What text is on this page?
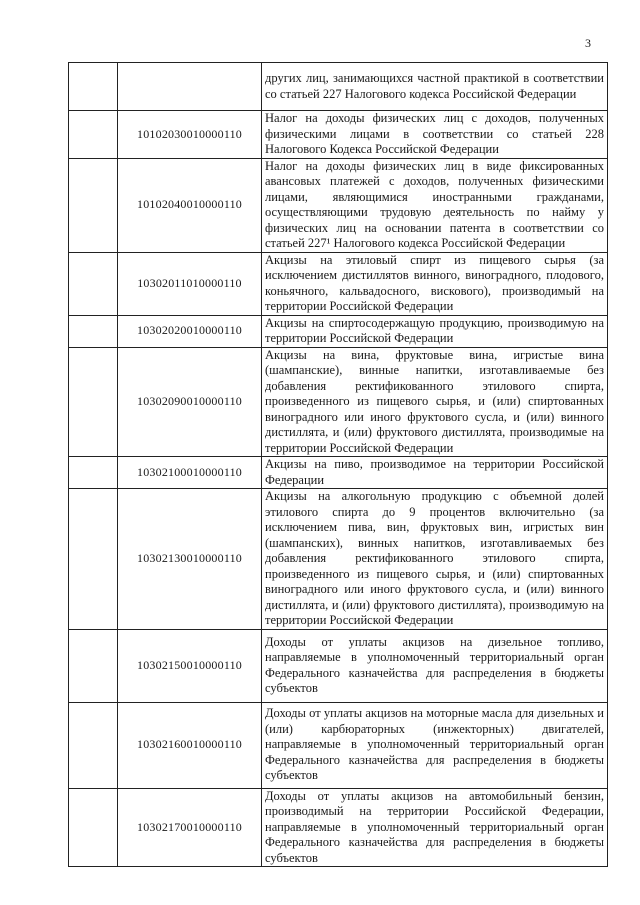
3
		других лиц, занимающихся частной практикой в соответствии со статьей 227 Налогового кодекса Российской Федерации
	10102030010000110	Налог на доходы физических лиц с доходов, полученных физическими лицами в соответствии со статьей 228 Налогового Кодекса Российской Федерации
	10102040010000110	Налог на доходы физических лиц в виде фиксированных авансовых платежей с доходов, полученных физическими лицами, являющимися иностранными гражданами, осуществляющими трудовую деятельность по найму у физических лиц на основании патента в соответствии со статьей 227¹ Налогового кодекса Российской Федерации
	10302011010000110	Акцизы на этиловый спирт из пищевого сырья (за исключением дистиллятов винного, виноградного, плодового, коньячного, кальвадосного, вискового), производимый на территории Российской Федерации
	10302020010000110	Акцизы на спиртосодержащую продукцию, производимую на территории Российской Федерации
	10302090010000110	Акцизы на вина, фруктовые вина, игристые вина (шампанские), винные напитки, изготавливаемые без добавления ректификованного этилового спирта, произведенного из пищевого сырья, и (или) спиртованных виноградного или иного фруктового сусла, и (или) винного дистиллята, и (или) фруктового дистиллята, производимые на территории Российской Федерации
	10302100010000110	Акцизы на пиво, производимое на территории Российской Федерации
	10302130010000110	Акцизы на алкогольную продукцию с объемной долей этилового спирта до 9 процентов включительно (за исключением пива, вин, фруктовых вин, игристых вин (шампанских), винных напитков, изготавливаемых без добавления ректификованного этилового спирта, произведенного из пищевого сырья, и (или) спиртованных виноградного или иного фруктового сусла, и (или) винного дистиллята, и (или) фруктового дистиллята), производимую на территории Российской Федерации
	10302150010000110	Доходы от уплаты акцизов на дизельное топливо, направляемые в уполномоченный территориальный орган Федерального казначейства для распределения в бюджеты субъектов
	10302160010000110	Доходы от уплаты акцизов на моторные масла для дизельных и (или) карбюраторных (инжекторных) двигателей, направляемые в уполномоченный территориальный орган Федерального казначейства для распределения в бюджеты субъектов
	10302170010000110	Доходы от уплаты акцизов на автомобильный бензин, производимый на территории Российской Федерации, направляемые в уполномоченный территориальный орган Федерального казначейства для распределения в бюджеты субъектов
